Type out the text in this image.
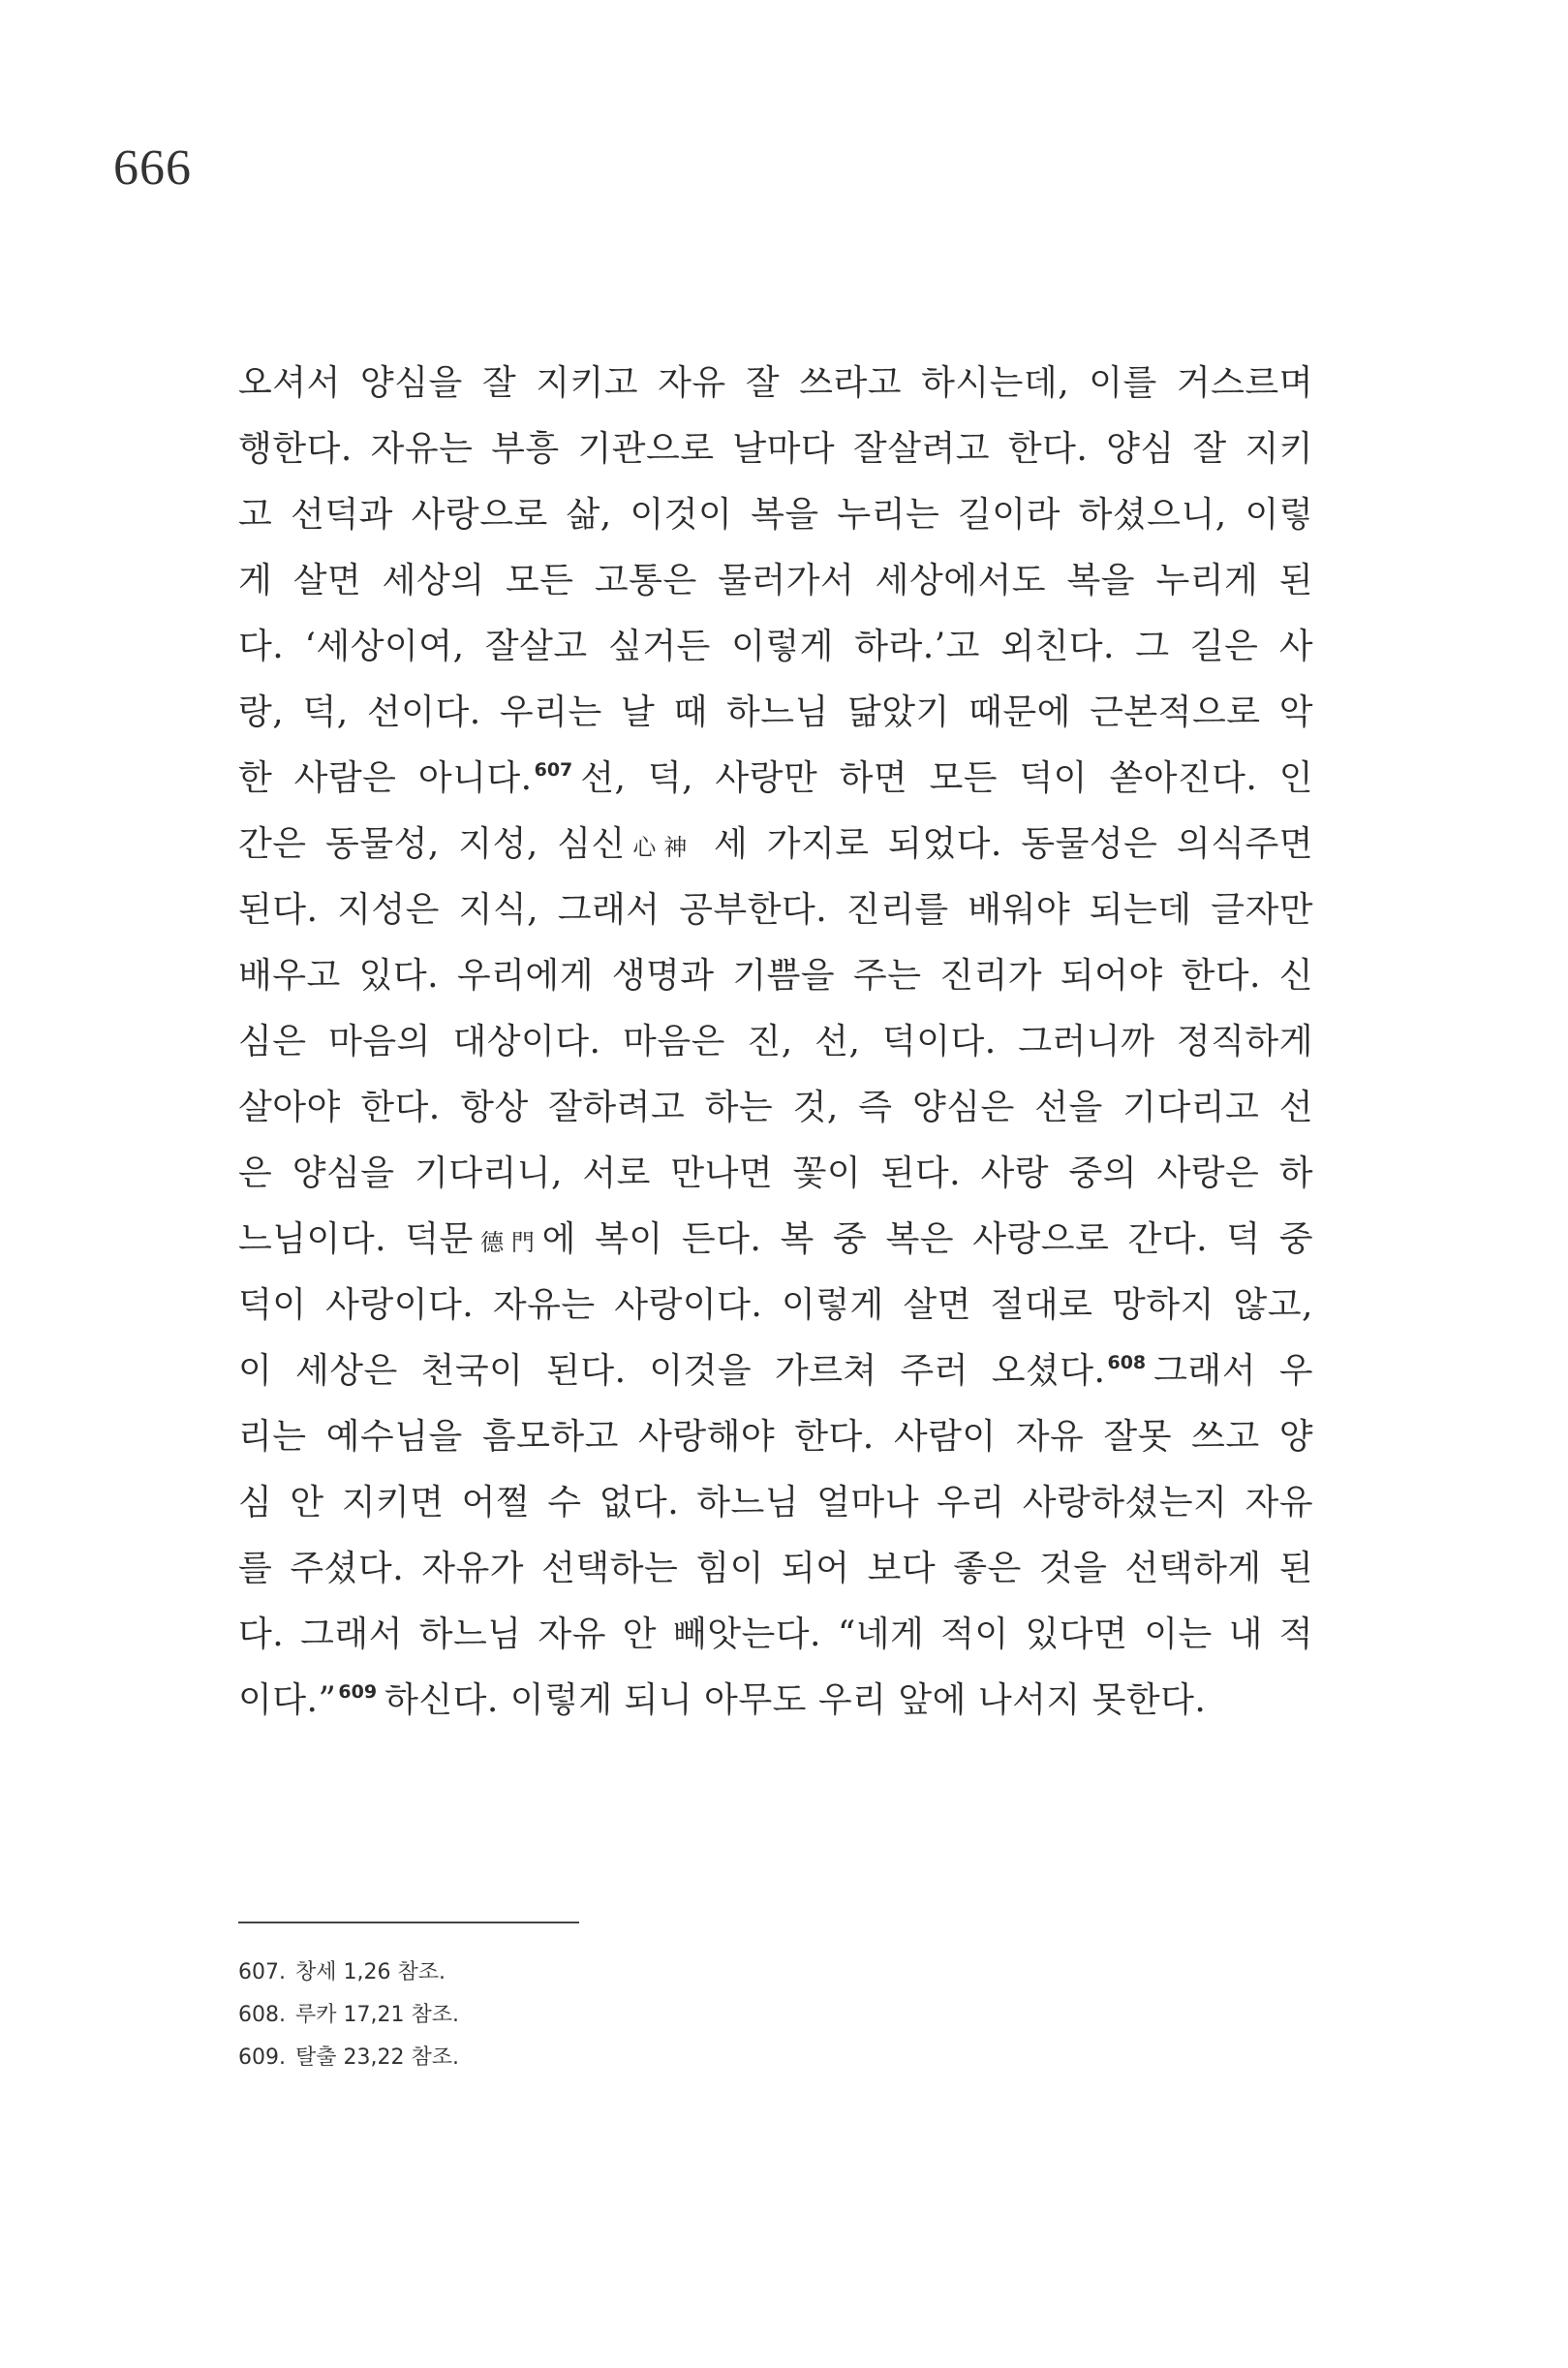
666
오셔서 양심을 잘 지키고 자유 잘 쓰라고 하시는데, 이를 거스르며
행한다. 자유는 부흥 기관으로 날마다 잘살려고 한다. 양심 잘 지키
고 선덕과 사랑으로 삶, 이것이 복을 누리는 길이라 하셨으니, 이렇
게 살면 세상의 모든 고통은 물러가서 세상에서도 복을 누리게 된
다. ‘세상이여, 잘살고 싶거든 이렇게 하라.’고 외친다. 그 길은 사
랑, 덕, 선이다. 우리는 날 때 하느님 닮았기 때문에 근본적으로 악
한 사람은 아니다. $^{607}$ 선, 덕, 사랑만 하면 모든 덕이 쏟아진다. 인
간은 동물성, 지성, 심신心神 세 가지로 되었다. 동물성은 의식주면
된다. 지성은 지식, 그래서 공부한다. 진리를 배워야 되는데 글자만
배우고 있다. 우리에게 생명과 기쁨을 주는 진리가 되어야 한다. 신
심은 마음의 대상이다. 마음은 진, 선, 덕이다. 그러니까 정직하게
살아야 한다. 항상 잘하려고 하는 것, 즉 양심은 선을 기다리고 선
은 양심을 기다리니, 서로 만나면 꽃이 된다. 사랑 중의 사랑은 하
느님이다. 덕문德門에 복이 든다. 복 중 복은 사랑으로 간다. 덕 중
덕이 사랑이다. 자유는 사랑이다. 이렇게 살면 절대로 망하지 않고,
이 세상은 천국이 된다. 이것을 가르쳐 주러 오셨다. $^{608}$ 그래서 우
리는 예수님을 흠모하고 사랑해야 한다. 사람이 자유 잘못 쓰고 양
심 안 지키면 어쩔 수 없다. 하느님 얼마나 우리 사랑하셨는지 자유
를 주셨다. 자유가 선택하는 힘이 되어 보다 좋은 것을 선택하게 된
다. 그래서 하느님 자유 안 빼앗는다. “네게 적이 있다면 이는 내 적
이다.” $^{609}$ 하신다. 이렇게 되니 아무도 우리 앞에 나서지 못한다.
607. 창세 1,26 참조.
608. 루카 17,21 참조.
609. 탈출 23,22 참조.
